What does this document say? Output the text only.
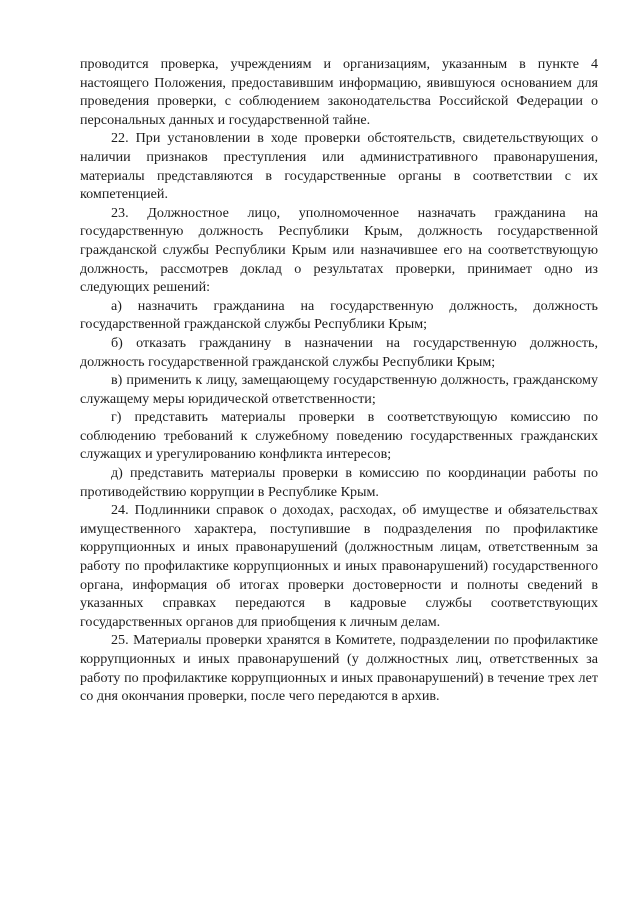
проводится проверка, учреждениям и организациям, указанным в пункте 4 настоящего Положения, предоставившим информацию, явившуюся основанием для проведения проверки, с соблюдением законодательства Российской Федерации о персональных данных и государственной тайне.

22. При установлении в ходе проверки обстоятельств, свидетельствующих о наличии признаков преступления или административного правонарушения, материалы представляются в государственные органы в соответствии с их компетенцией.

23. Должностное лицо, уполномоченное назначать гражданина на государственную должность Республики Крым, должность государственной гражданской службы Республики Крым или назначившее его на соответствующую должность, рассмотрев доклад о результатах проверки, принимает одно из следующих решений:

а) назначить гражданина на государственную должность, должность государственной гражданской службы Республики Крым;

б) отказать гражданину в назначении на государственную должность, должность государственной гражданской службы Республики Крым;

в) применить к лицу, замещающему государственную должность, гражданскому служащему меры юридической ответственности;

г) представить материалы проверки в соответствующую комиссию по соблюдению требований к служебному поведению государственных гражданских служащих и урегулированию конфликта интересов;

д) представить материалы проверки в комиссию по координации работы по противодействию коррупции в Республике Крым.

24. Подлинники справок о доходах, расходах, об имуществе и обязательствах имущественного характера, поступившие в подразделения по профилактике коррупционных и иных правонарушений (должностным лицам, ответственным за работу по профилактике коррупционных и иных правонарушений) государственного органа, информация об итогах проверки достоверности и полноты сведений в указанных справках передаются в кадровые службы соответствующих государственных органов для приобщения к личным делам.

25. Материалы проверки хранятся в Комитете, подразделении по профилактике коррупционных и иных правонарушений (у должностных лиц, ответственных за работу по профилактике коррупционных и иных правонарушений) в течение трех лет со дня окончания проверки, после чего передаются в архив.
